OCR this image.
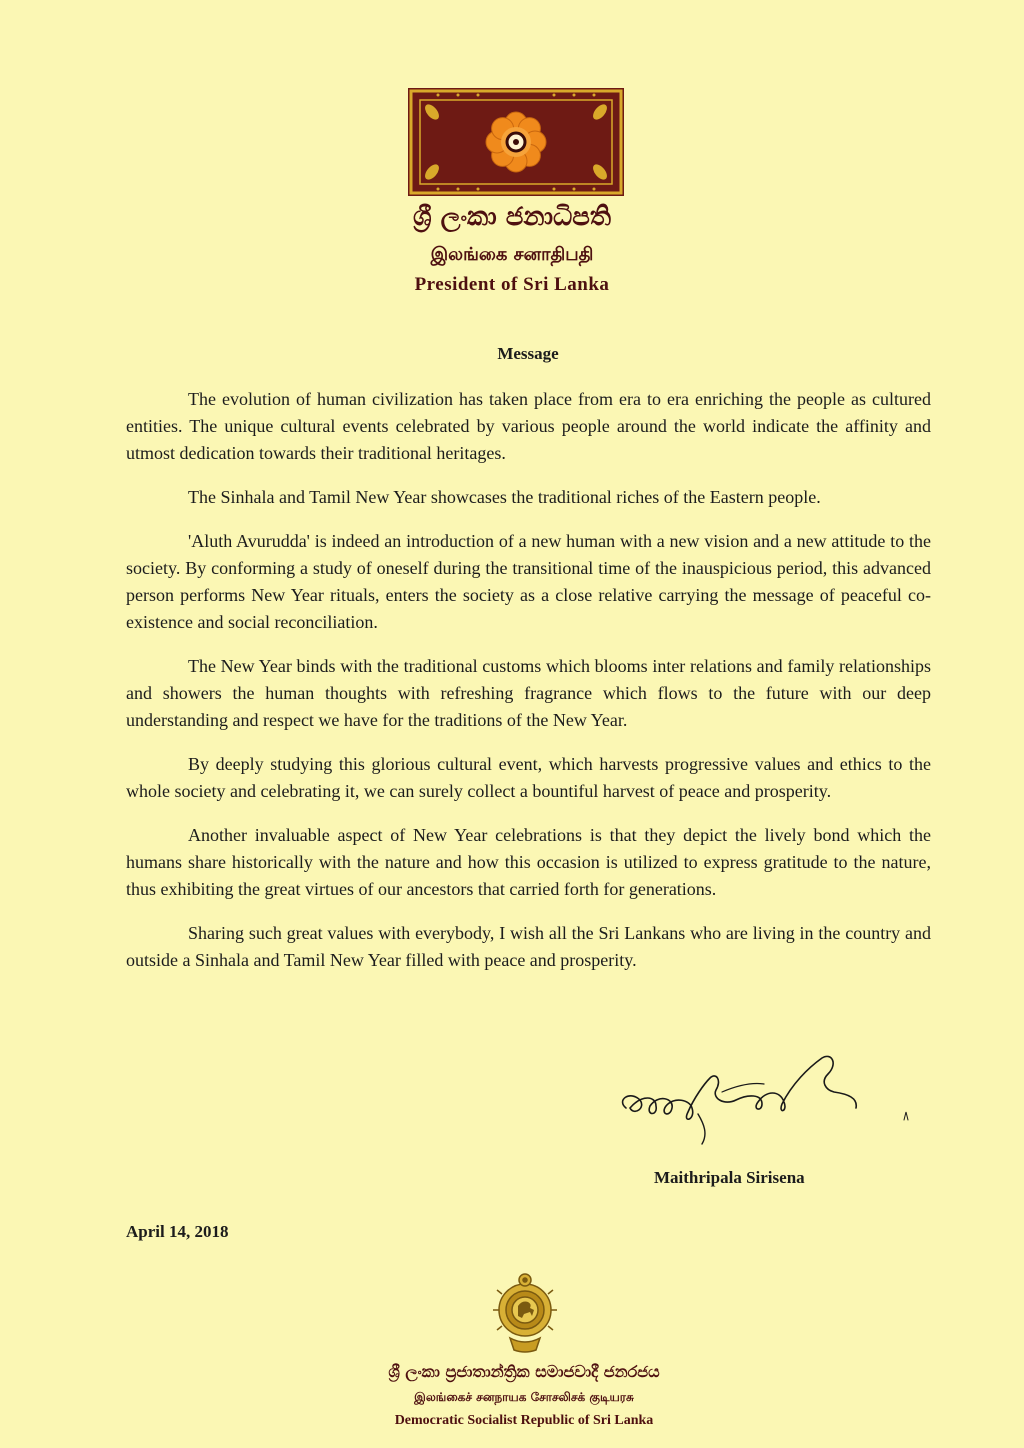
ශ්‍රී ලංකා ජනාධිපති
இலங்கை சனாதிபதி
President of Sri Lanka
Message

The evolution of human civilization has taken place from era to era enriching the people as cultured entities. The unique cultural events celebrated by various people around the world indicate the affinity and utmost dedication towards their traditional heritages.

The Sinhala and Tamil New Year showcases the traditional riches of the Eastern people.

'Aluth Avurudda' is indeed an introduction of a new human with a new vision and a new attitude to the society. By conforming a study of oneself during the transitional time of the inauspicious period, this advanced person performs New Year rituals, enters the society as a close relative carrying the message of peaceful co-existence and social reconciliation.

The New Year binds with the traditional customs which blooms inter relations and family relationships and showers the human thoughts with refreshing fragrance which flows to the future with our deep understanding and respect we have for the traditions of the New Year.

By deeply studying this glorious cultural event, which harvests progressive values and ethics to the whole society and celebrating it, we can surely collect a bountiful harvest of peace and prosperity.

Another invaluable aspect of New Year celebrations is that they depict the lively bond which the humans share historically with the nature and how this occasion is utilized to express gratitude to the nature, thus exhibiting the great virtues of our ancestors that carried forth for generations.

Sharing such great values with everybody, I wish all the Sri Lankans who are living in the country and outside a Sinhala and Tamil New Year filled with peace and prosperity.

Maithripala Sirisena
April 14, 2018
ශ්‍රී ලංකා ප්‍රජාතාන්ත්‍රික සමාජවාදී ජනරජය
இலங்கைச் சனநாயக சோசலிசக் குடியரசு
Democratic Socialist Republic of Sri Lanka
